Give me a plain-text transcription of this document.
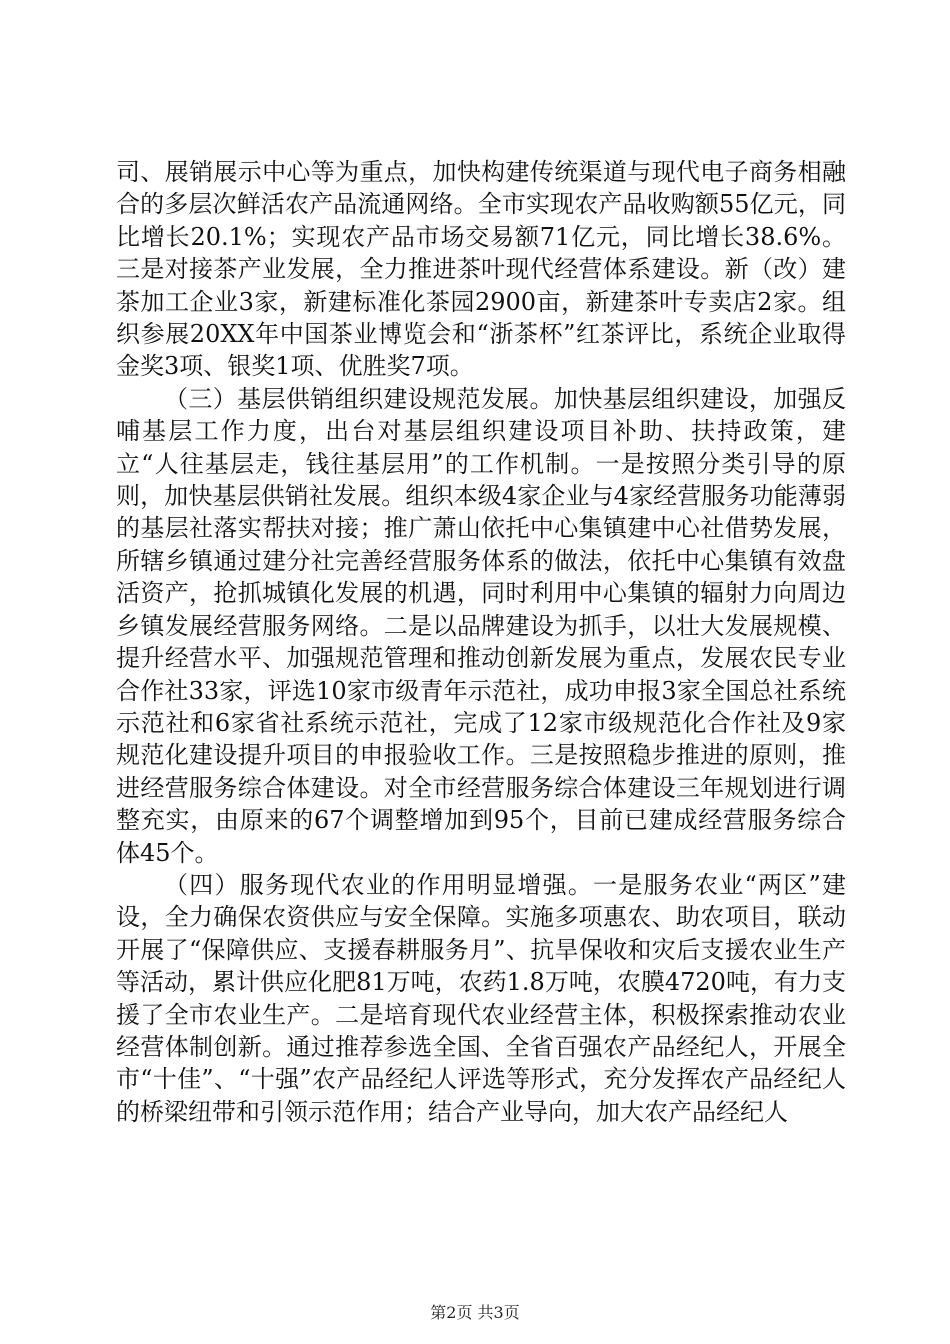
司、展销展示中心等为重点，加快构建传统渠道与现代电子商务相融合的多层次鲜活农产品流通网络。全市实现农产品收购额55亿元，同比增长20.1%；实现农产品市场交易额71亿元，同比增长38.6%。三是对接茶产业发展，全力推进茶叶现代经营体系建设。新（改）建茶加工企业3家，新建标准化茶园2900亩，新建茶叶专卖店2家。组织参展20XX年中国茶业博览会和“浙茶杯”红茶评比，系统企业取得金奖3项、银奖1项、优胜奖7项。

（三）基层供销组织建设规范发展。加快基层组织建设，加强反哺基层工作力度，出台对基层组织建设项目补助、扶持政策，建立“人往基层走，钱往基层用”的工作机制。一是按照分类引导的原则，加快基层供销社发展。组织本级4家企业与4家经营服务功能薄弱的基层社落实帮扶对接；推广萧山依托中心集镇建中心社借势发展，所辖乡镇通过建分社完善经营服务体系的做法，依托中心集镇有效盘活资产，抢抓城镇化发展的机遇，同时利用中心集镇的辐射力向周边乡镇发展经营服务网络。二是以品牌建设为抓手，以壮大发展规模、提升经营水平、加强规范管理和推动创新发展为重点，发展农民专业合作社33家，评选10家市级青年示范社，成功申报3家全国总社系统示范社和6家省社系统示范社，完成了12家市级规范化合作社及9家规范化建设提升项目的申报验收工作。三是按照稳步推进的原则，推进经营服务综合体建设。对全市经营服务综合体建设三年规划进行调整充实，由原来的67个调整增加到95个，目前已建成经营服务综合体45个。

（四）服务现代农业的作用明显增强。一是服务农业“两区”建设，全力确保农资供应与安全保障。实施多项惠农、助农项目，联动开展了“保障供应、支援春耕服务月”、抗旱保收和灾后支援农业生产等活动，累计供应化肥81万吨，农药1.8万吨，农膜4720吨，有力支援了全市农业生产。二是培育现代农业经营主体，积极探索推动农业经营体制创新。通过推荐参选全国、全省百强农产品经纪人，开展全市“十佳”、“十强”农产品经纪人评选等形式，充分发挥农产品经纪人的桥梁纽带和引领示范作用；结合产业导向，加大农产品经纪人

第2页 共3页
